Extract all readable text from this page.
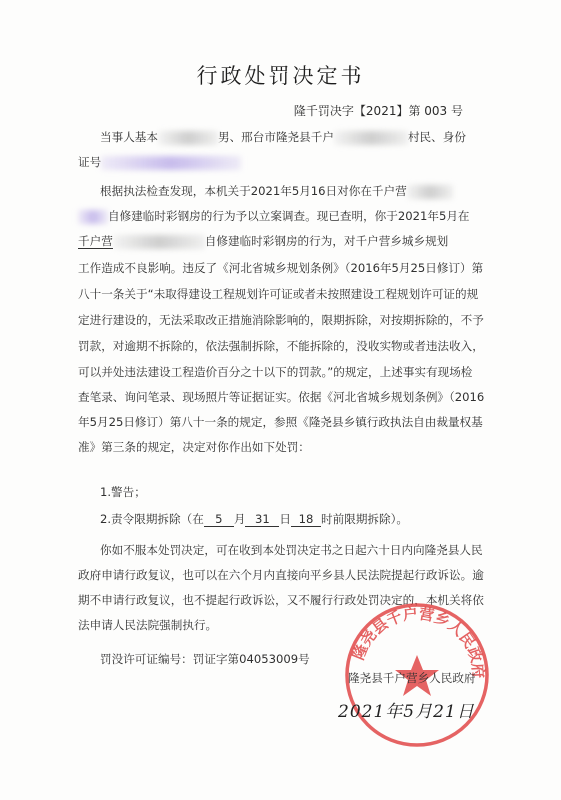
行政处罚决定书
隆千罚决字【2021】第 003 号
当事人基本	男、邢台市隆尧县千户	村民、身份
证号
根据执法检查发现，本机关于2021年5月16日对你在千户营
自修建临时彩钢房的行为予以立案调查。现已查明，你于2021年5月在
千户营	自修建临时彩钢房的行为，对千户营乡城乡规划
工作造成不良影响。违反了《河北省城乡规划条例》（2016年5月25日修订）第
八十一条关于“未取得建设工程规划许可证或者未按照建设工程规划许可证的规
定进行建设的，无法采取改正措施消除影响的，限期拆除，对按期拆除的，不予
罚款，对逾期不拆除的，依法强制拆除，不能拆除的，没收实物或者违法收入，
可以并处违法建设工程造价百分之十以下的罚款。”的规定，上述事实有现场检
查笔录、询问笔录、现场照片等证据证实。依据《河北省城乡规划条例》（2016
年5月25日修订）第八十一条的规定，参照《隆尧县乡镇行政执法自由裁量权基
准》第三条的规定，决定对你作出如下处罚：
1.警告；
2.责令限期拆除（在 5 月 31 日 18 时前限期拆除）。
你如不服本处罚决定，可在收到本处罚决定书之日起六十日内向隆尧县人民
政府申请行政复议，也可以在六个月内直接向平乡县人民法院提起行政诉讼。逾
期不申请行政复议，也不提起行政诉讼，又不履行行政处罚决定的，本机关将依
法申请人民法院强制执行。
罚没许可证编号：罚证字第04053009号	隆尧县千户营乡人民政府
隆尧县千户营乡人民政府
2021年5月21日
